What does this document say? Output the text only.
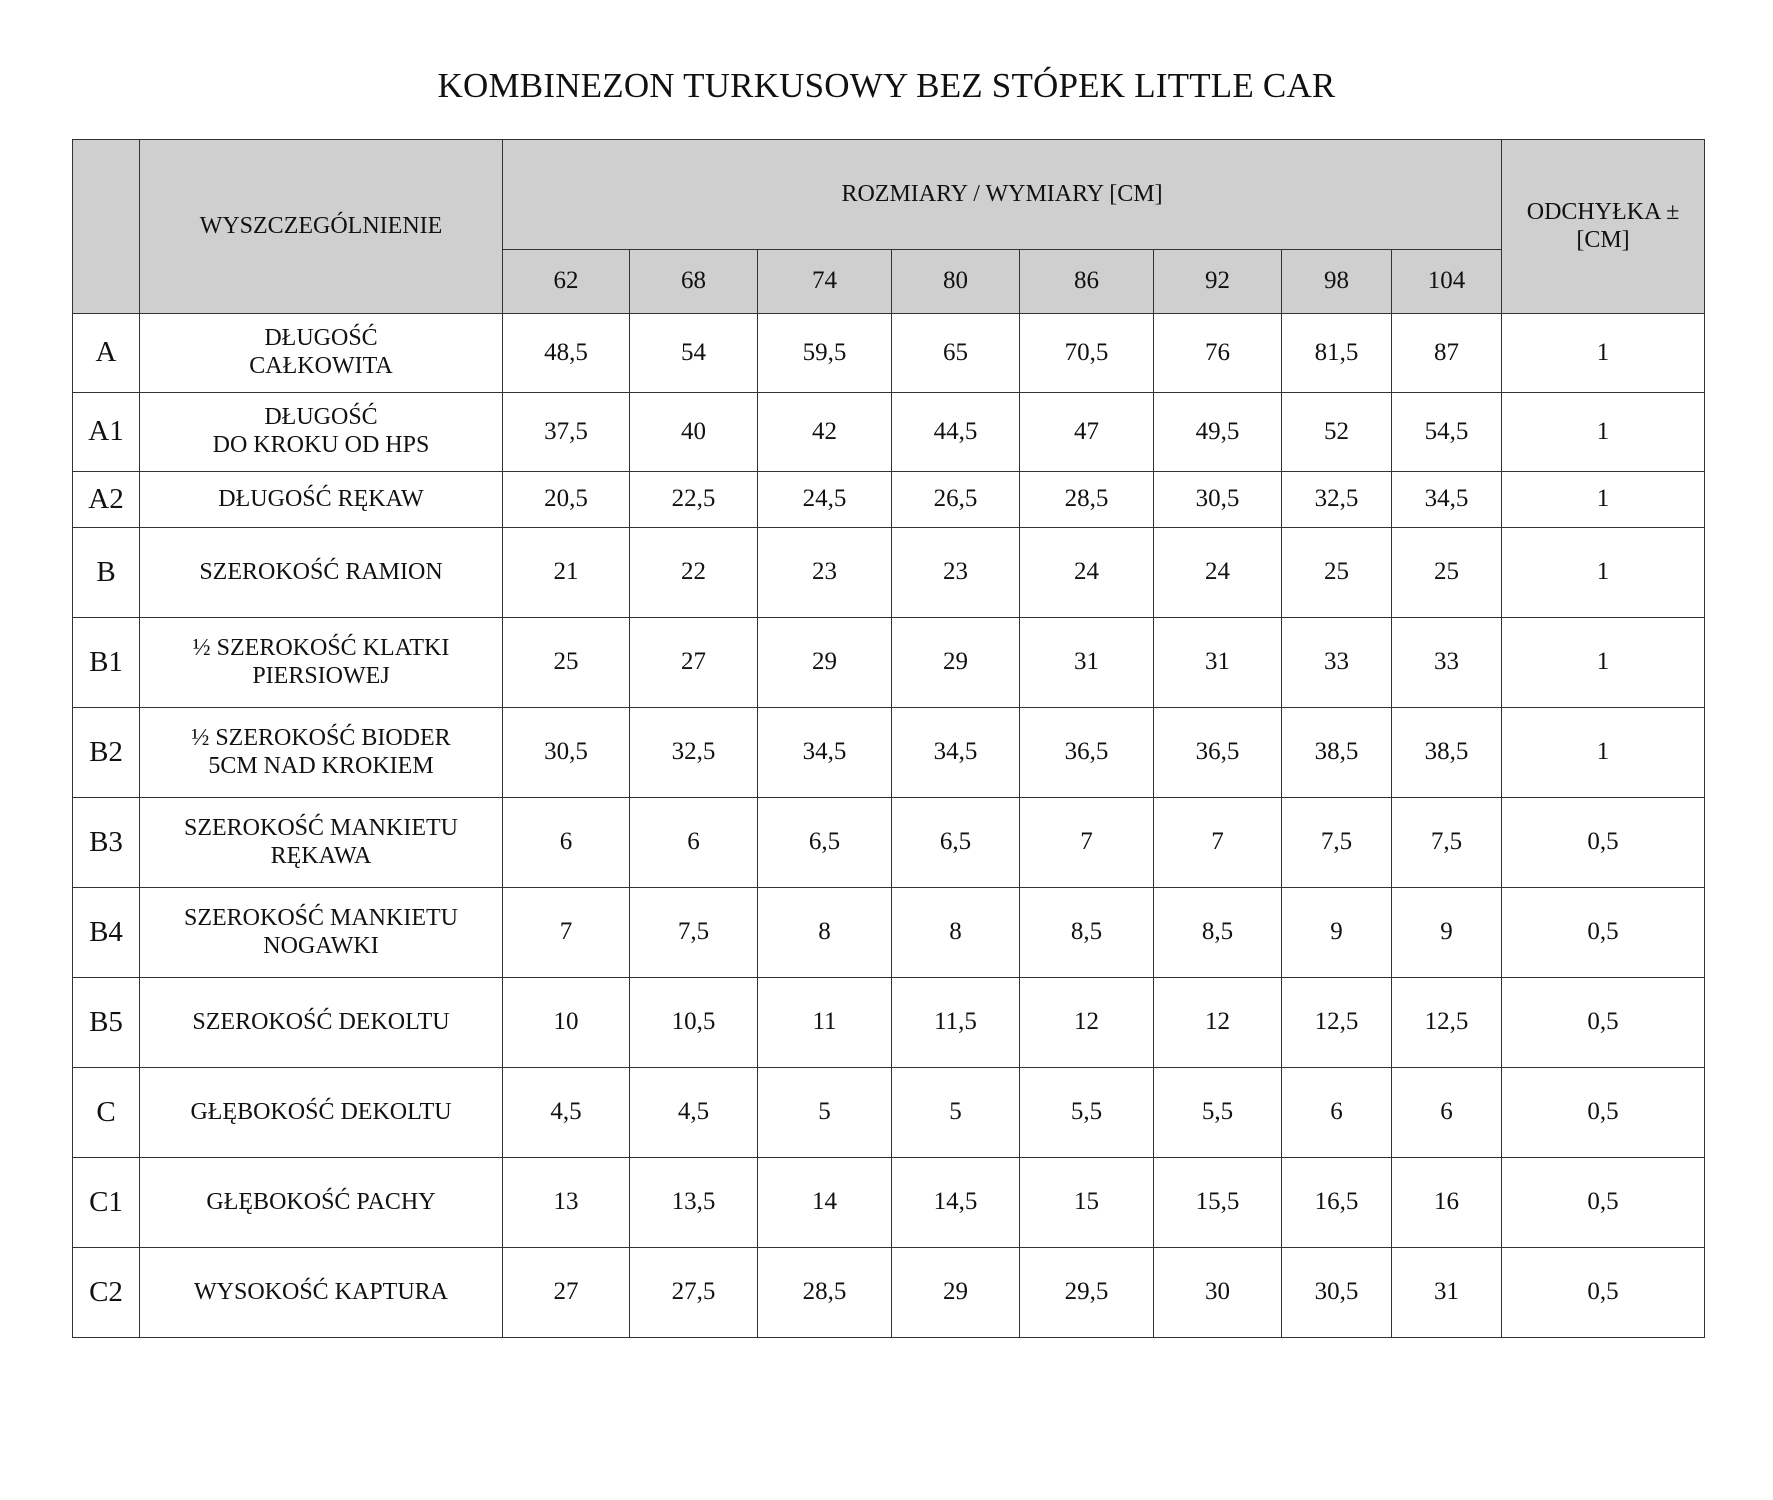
KOMBINEZON TURKUSOWY BEZ STÓPEK LITTLE CAR
	WYSZCZEGÓLNIENIE	ROZMIARY / WYMIARY [CM]								ODCHYŁKA ±
[CM]
		62	68	74	80	86	92	98	104	
A	DŁUGOŚĆ
CAŁKOWITA	48,5	54	59,5	65	70,5	76	81,5	87	1
A1	DŁUGOŚĆ
DO KROKU OD HPS	37,5	40	42	44,5	47	49,5	52	54,5	1
A2	DŁUGOŚĆ RĘKAW	20,5	22,5	24,5	26,5	28,5	30,5	32,5	34,5	1
B	SZEROKOŚĆ RAMION	21	22	23	23	24	24	25	25	1
B1	½ SZEROKOŚĆ KLATKI
PIERSIOWEJ	25	27	29	29	31	31	33	33	1
B2	½ SZEROKOŚĆ BIODER
5CM NAD KROKIEM	30,5	32,5	34,5	34,5	36,5	36,5	38,5	38,5	1
B3	SZEROKOŚĆ MANKIETU
RĘKAWA	6	6	6,5	6,5	7	7	7,5	7,5	0,5
B4	SZEROKOŚĆ MANKIETU
NOGAWKI	7	7,5	8	8	8,5	8,5	9	9	0,5
B5	SZEROKOŚĆ DEKOLTU	10	10,5	11	11,5	12	12	12,5	12,5	0,5
C	GŁĘBOKOŚĆ DEKOLTU	4,5	4,5	5	5	5,5	5,5	6	6	0,5
C1	GŁĘBOKOŚĆ PACHY	13	13,5	14	14,5	15	15,5	16,5	16	0,5
C2	WYSOKOŚĆ KAPTURA	27	27,5	28,5	29	29,5	30	30,5	31	0,5
